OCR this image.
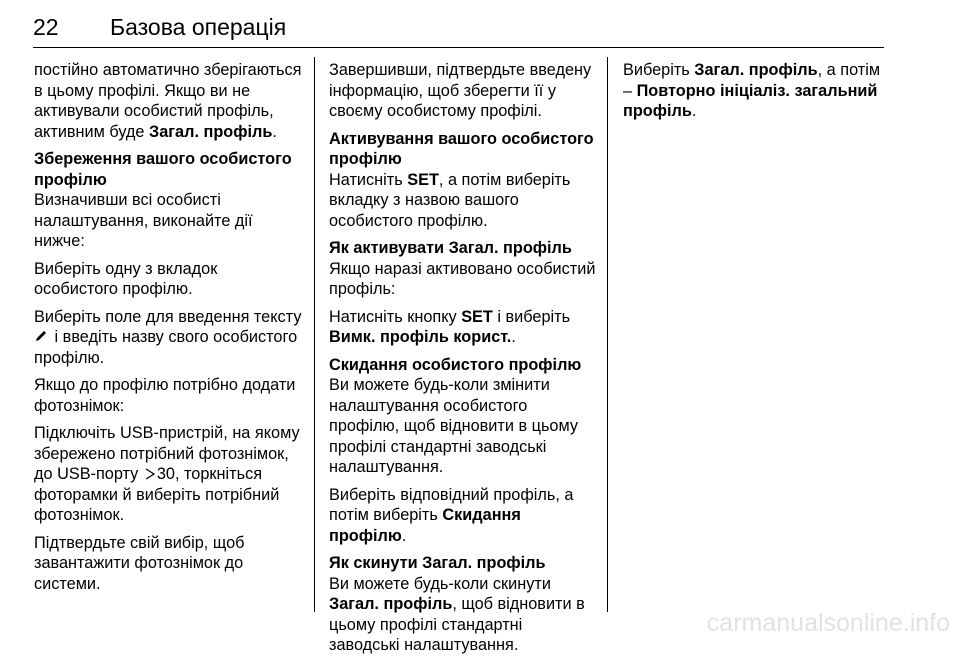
22 Базова операція

постійно автоматично зберігаються в цьому профілі. Якщо ви не активували особистий профіль, активним буде Загал. профіль.

Збереження вашого особистого профілю

Визначивши всі особисті налаштування, виконайте дії нижче:

Виберіть одну з вкладок особистого профілю.

Виберіть поле для введення тексту  і введіть назву свого особистого профілю.

Якщо до профілю потрібно додати фотознімок:

Підключіть USB-пристрій, на якому збережено потрібний фотознімок, до USB-порту 30, торкніться фоторамки й виберіть потрібний фотознімок.

Підтвердьте свій вибір, щоб завантажити фотознімок до системи.

Завершивши, підтвердьте введену інформацію, щоб зберегти її у своєму особистому профілі.

Активування вашого особистого профілю

Натисніть SET, а потім виберіть вкладку з назвою вашого особистого профілю.

Як активувати Загал. профіль

Якщо наразі активовано особистий профіль:

Натисніть кнопку SET і виберіть Вимк. профіль корист..

Скидання особистого профілю

Ви можете будь-коли змінити налаштування особистого профілю, щоб відновити в цьому профілі стандартні заводські налаштування.

Виберіть відповідний профіль, а потім виберіть Скидання профілю.

Як скинути Загал. профіль

Ви можете будь-коли скинути Загал. профіль, щоб відновити в цьому профілі стандартні заводські налаштування.

Виберіть Загал. профіль, а потім – Повторно ініціаліз. загальний профіль.

carmanualsonline.info
